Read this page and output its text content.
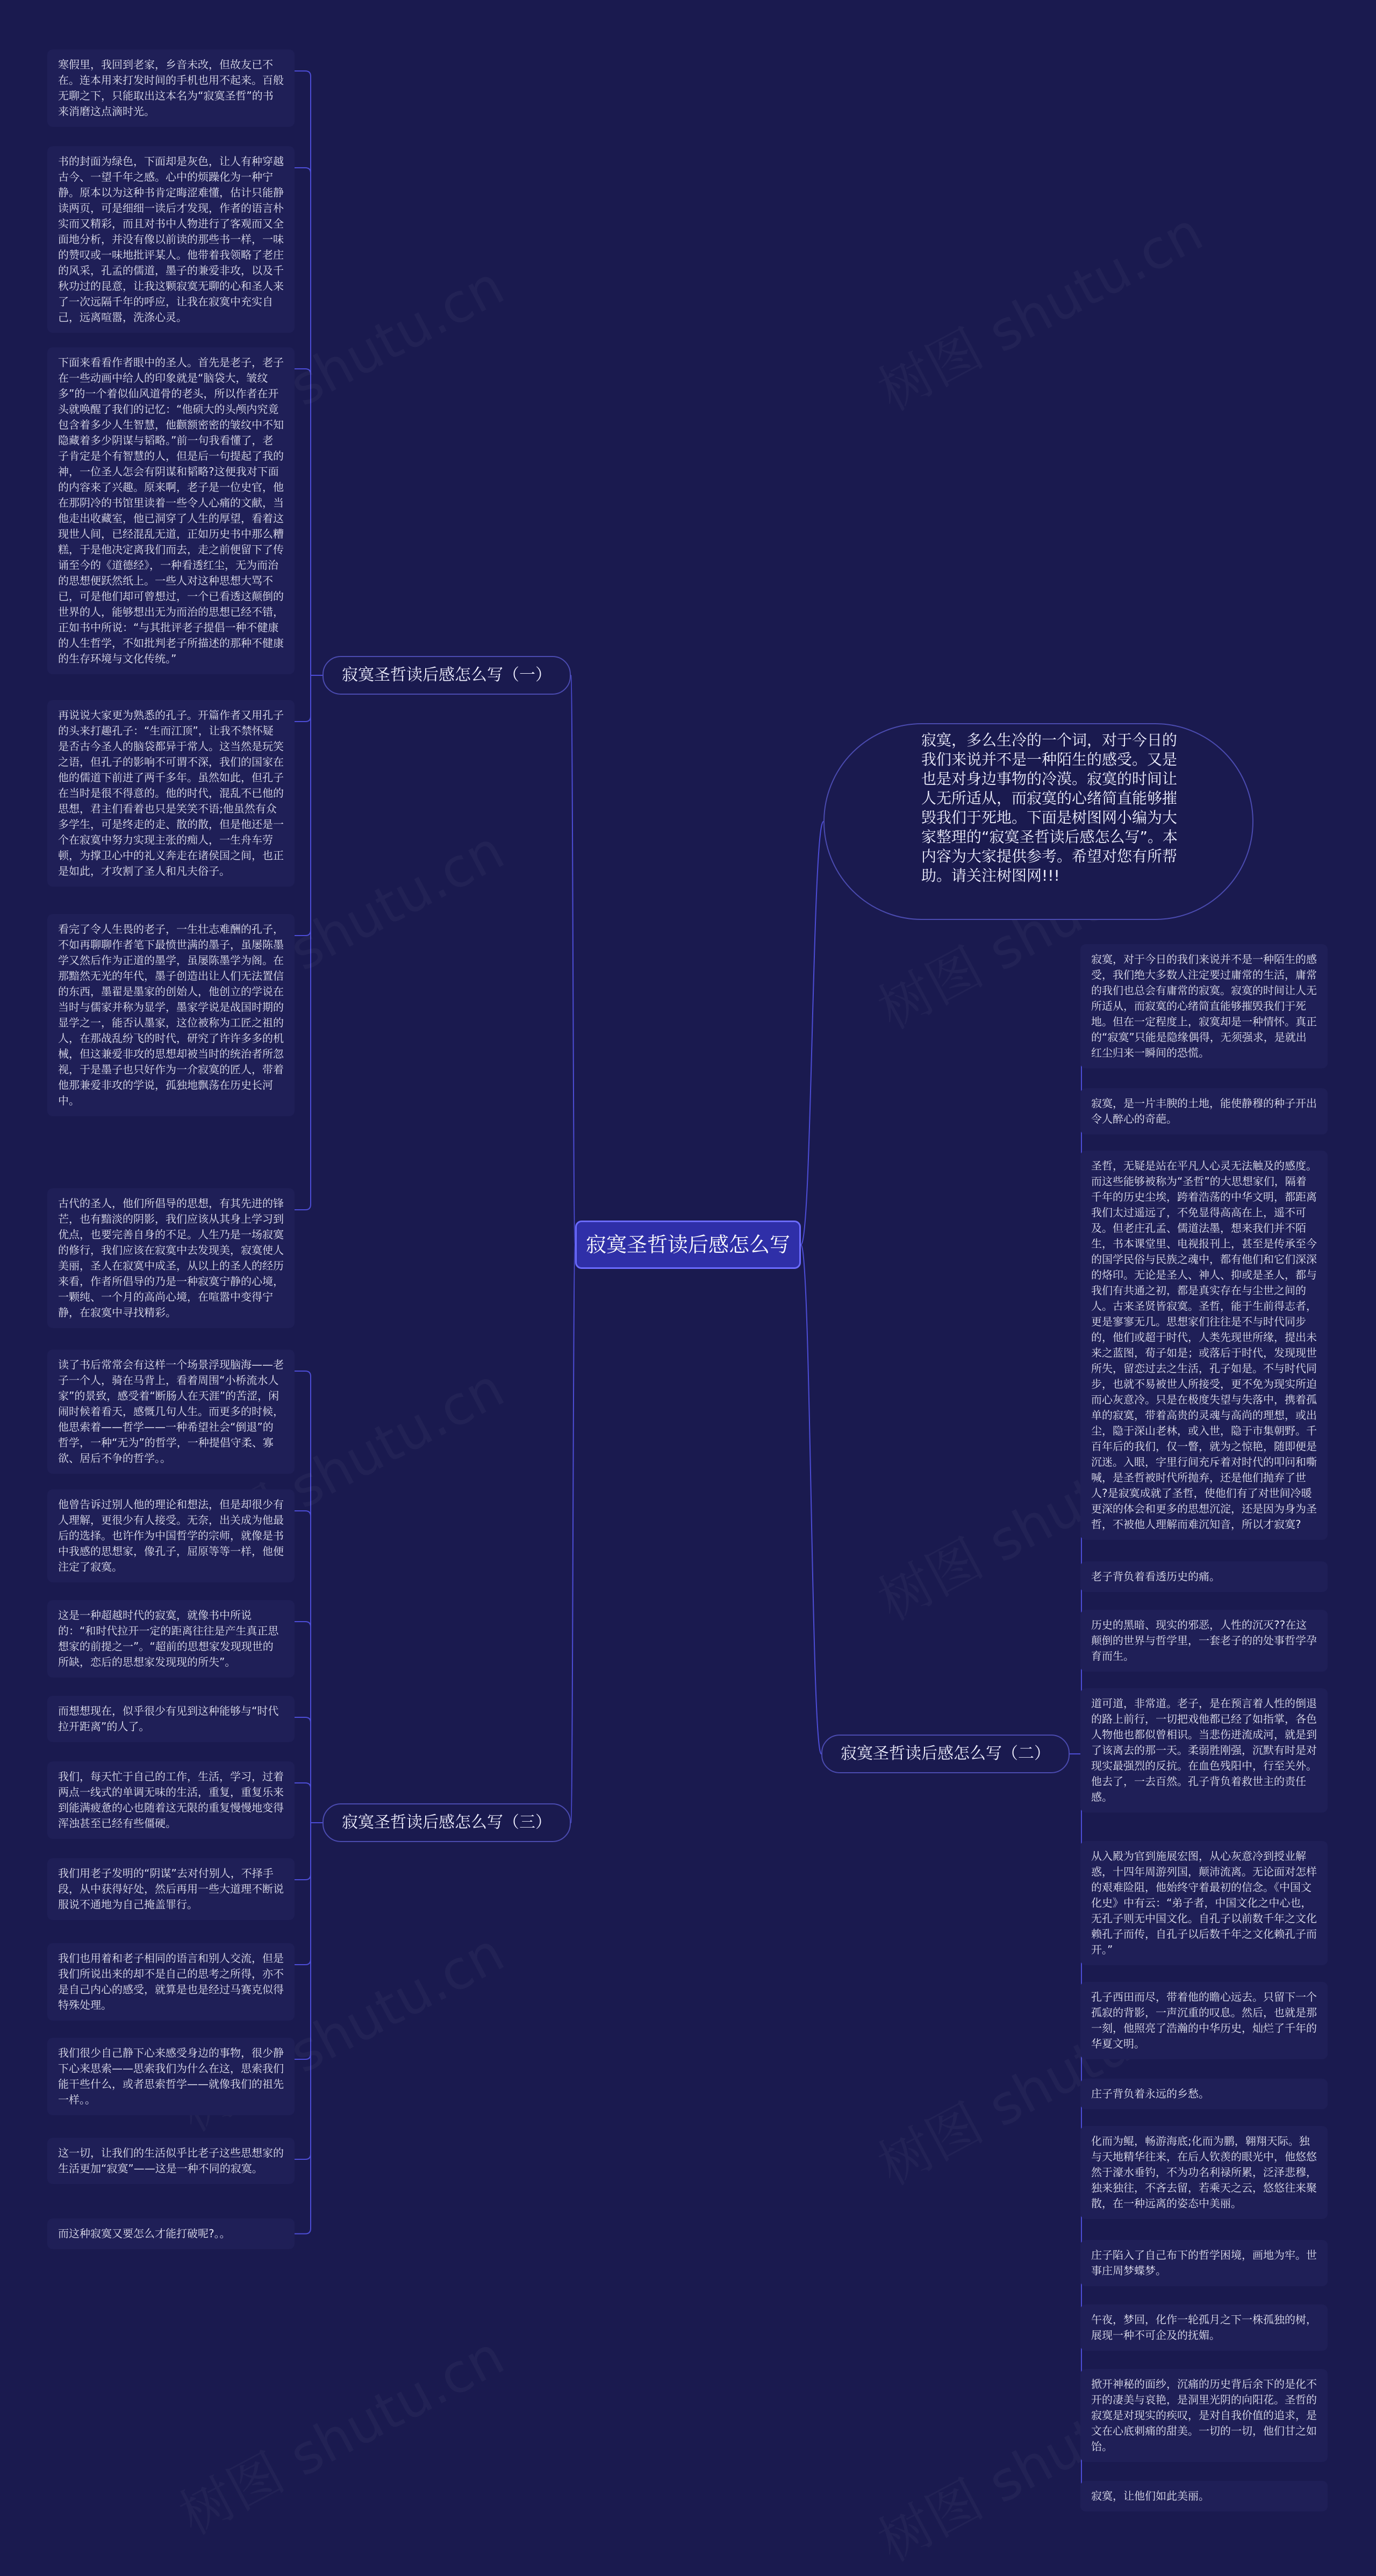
寂寞圣哲读后感怎么写
寂寞，多么生冷的一个词，对于今日的我们来说并不是一种陌生的感受。又是也是对身边事物的冷漠。寂寞的时间让人无所适从，而寂寞的心绪简直能够摧毁我们于死地。下面是树图网小编为大家整理的“寂寞圣哲读后感怎么写”。本内容为大家提供参考。希望对您有所帮助。请关注树图网!!!
寂寞圣哲读后感怎么写（一）
寂寞圣哲读后感怎么写（二）
寂寞圣哲读后感怎么写（三）
寒假里，我回到老家，乡音未改，但故友已不在。连本用来打发时间的手机也用不起来。百般无聊之下，只能取出这本名为“寂寞圣哲”的书来消磨这点滴时光。
书的封面为绿色，下面却是灰色，让人有种穿越古今、一望千年之感。心中的烦躁化为一种宁静。原本以为这种书肯定晦涩难懂，估计只能静读两页，可是细细一读后才发现，作者的语言朴实而又精彩，而且对书中人物进行了客观而又全面地分析，并没有像以前读的那些书一样，一味的赞叹或一味地批评某人。他带着我领略了老庄的风采，孔孟的儒道，墨子的兼爱非攻，以及千秋功过的昆意，让我这颗寂寞无聊的心和圣人来了一次远隔千年的呼应，让我在寂寞中充实自己，远离喧嚣，洗涤心灵。
下面来看看作者眼中的圣人。首先是老子，老子在一些动画中给人的印象就是“脑袋大，皱纹多”的一个着似仙风道骨的老头，所以作者在开头就唤醒了我们的记忆：“他硕大的头颅内究竟包含着多少人生智慧，他颧额密密的皱纹中不知隐藏着多少阴谋与韬略。”前一句我看懂了，老子肯定是个有智慧的人，但是后一句提起了我的神，一位圣人怎会有阴谋和韬略?这便我对下面的内容来了兴趣。原来啊，老子是一位史官，他在那阴冷的书馆里读着一些令人心痛的文献，当他走出收藏室，他已洞穿了人生的厚望，看着这现世人间，已经混乱无道，正如历史书中那么糟糕，于是他决定离我们而去，走之前便留下了传诵至今的《道德经》，一种看透红尘，无为而治的思想便跃然纸上。一些人对这种思想大骂不已，可是他们却可曾想过，一个已看透这颠倒的世界的人，能够想出无为而治的思想已经不错，正如书中所说：“与其批评老子提倡一种不健康的人生哲学，不如批判老子所描述的那种不健康的生存环境与文化传统。”
再说说大家更为熟悉的孔子。开篇作者又用孔子的头来打趣孔子：“生而江顶”，让我不禁怀疑是否古今圣人的脑袋都异于常人。这当然是玩笑之语，但孔子的影响不可谓不深，我们的国家在他的儒道下前进了两千多年。虽然如此，但孔子在当时是很不得意的。他的时代，混乱不已他的思想，君主们看着也只是笑笑不语;他虽然有众多学生，可是终走的走、散的散，但是他还是一个在寂寞中努力实现主张的痴人，一生舟车劳顿，为撑卫心中的礼义奔走在诸侯国之间，也正是如此，才攻割了圣人和凡夫俗子。
看完了令人生畏的老子，一生壮志难酬的孔子，不如再聊聊作者笔下最愤世满的墨子，虽屡陈墨学又然后作为正道的墨学，虽屡陈墨学为阁。在那黯然无光的年代，墨子创造出让人们无法置信的东西，墨翟是墨家的创始人，他创立的学说在当时与儒家并称为显学，墨家学说是战国时期的显学之一，能否认墨家，这位被称为工匠之祖的人，在那战乱纷飞的时代，研究了许许多多的机械，但这兼爱非攻的思想却被当时的统治者所忽视，于是墨子也只好作为一介寂寞的匠人，带着他那兼爱非攻的学说，孤独地飘荡在历史长河中。
古代的圣人，他们所倡导的思想，有其先进的锋芒，也有黯淡的阴影，我们应该从其身上学习到优点，也要完善自身的不足。人生乃是一场寂寞的修行，我们应该在寂寞中去发现美，寂寞使人美丽，圣人在寂寞中成圣，从以上的圣人的经历来看，作者所倡导的乃是一种寂寞宁静的心境，一颗纯、一个月的高尚心境，在喧嚣中变得宁静，在寂寞中寻找精彩。
读了书后常常会有这样一个场景浮现脑海——老子一个人，骑在马背上，看着周围“小桥流水人家”的景致，感受着“断肠人在天涯”的苦涩，闲闹时候着看天，感慨几句人生。而更多的时候，他思索着——哲学——一种希望社会“倒退”的哲学，一种“无为”的哲学，一种提倡守柔、寡欲、居后不争的哲学。。
他曾告诉过别人他的理论和想法，但是却很少有人理解，更很少有人接受。无奈，出关成为他最后的选择。也许作为中国哲学的宗师，就像是书中我感的思想家，像孔子，屈原等等一样，他便注定了寂寞。
这是一种超越时代的寂寞，就像书中所说的：“和时代拉开一定的距离往往是产生真正思想家的前提之一”。“超前的思想家发现现世的所缺，恋后的思想家发现现的所失”。
而想想现在，似乎很少有见到这种能够与“时代拉开距离”的人了。
我们，每天忙于自己的工作，生活，学习，过着两点一线式的单调无味的生活，重复，重复乐来到能满疲惫的心也随着这无限的重复慢慢地变得浑浊甚至已经有些僵硬。
我们用老子发明的“阴谋”去对付别人，不择手段，从中获得好处，然后再用一些大道理不断说服说不通地为自己掩盖罪行。
我们也用着和老子相同的语言和别人交流，但是我们所说出来的却不是自己的思考之所得，亦不是自己内心的感受，就算是也是经过马赛克似得特殊处理。
我们很少自己静下心来感受身边的事物，很少静下心来思索——思索我们为什么在这，思索我们能干些什么，或者思索哲学——就像我们的祖先一样。。
这一切，让我们的生活似乎比老子这些思想家的生活更加“寂寞”——这是一种不同的寂寞。
而这种寂寞又要怎么才能打破呢?。。
寂寞，对于今日的我们来说并不是一种陌生的感受，我们绝大多数人注定要过庸常的生活，庸常的我们也总会有庸常的寂寞。寂寞的时间让人无所适从，而寂寞的心绪简直能够摧毁我们于死地。但在一定程度上，寂寞却是一种情怀。真正的“寂寞”只能是隐缘偶得，无须强求，是就出红尘归来一瞬间的恐慌。
寂寞，是一片丰腴的土地，能使静穆的种子开出令人醉心的奇葩。
圣哲，无疑是站在平凡人心灵无法触及的感度。而这些能够被称为“圣哲”的大思想家们，隔着千年的历史尘埃，跨着浩荡的中华文明，都距离我们太过遥远了，不免显得高高在上，遥不可及。但老庄孔孟、儒道法墨，想来我们并不陌生，书本课堂里、电视报刊上，甚至是传承至今的国学民俗与民族之魂中，都有他们和它们深深的烙印。无论是圣人、神人、抑或是圣人，都与我们有共通之初，都是真实存在与尘世之间的人。古来圣贤皆寂寞。圣哲，能于生前得志者，更是寥寥无几。思想家们往往是不与时代同步的，他们或超于时代，人类先现世所缘，提出未来之蓝图，荀子如是；或落后于时代，发现现世所失，留恋过去之生活，孔子如是。不与时代同步，也就不易被世人所接受，更不免为现实所迫而心灰意冷。只是在极度失望与失落中，携着孤单的寂寞，带着高贵的灵魂与高尚的理想，或出尘，隐于深山老林，或入世，隐于市集朝野。千百年后的我们，仅一瞥，就为之惊艳，随即便是沉迷。入眼，字里行间充斥着对时代的叩问和嘶喊，是圣哲被时代所抛弃，还是他们抛弃了世人?是寂寞成就了圣哲，使他们有了对世间冷暖更深的体会和更多的思想沉淀，还是因为身为圣哲，不被他人理解而难沉知音，所以才寂寞?
老子背负着看透历史的痛。
历史的黑暗、现实的邪恶，人性的沉灭??在这颠倒的世界与哲学里，一套老子的的处事哲学孕育而生。
道可道，非常道。老子，是在预言着人性的倒退的路上前行，一切把戏他都已经了如指掌，各色人物他也都似曾相识。当悲伤迸流成河，就是到了该离去的那一天。柔弱胜刚强，沉默有时是对现实最强烈的反抗。在血色残阳中，行至关外。他去了，一去百然。孔子背负着救世主的责任感。
从入殿为官到施展宏图，从心灰意冷到授业解惑，十四年周游列国，颠沛流离。无论面对怎样的艰难险阻，他始终守着最初的信念。《中国文化史》中有云：“弟子者，中国文化之中心也，无孔子则无中国文化。自孔子以前数千年之文化赖孔子而传，自孔子以后数千年之文化赖孔子而开。”
孔子西田而尽，带着他的瞻心远去。只留下一个孤寂的背影，一声沉重的叹息。然后，也就是那一刻，他照亮了浩瀚的中华历史，灿烂了千年的华夏文明。
庄子背负着永远的乡愁。
化而为鲲，畅游海底;化而为鹏，翱翔天际。独与天地精华往来，在后人钦羡的眼光中，他悠悠然于濠水垂钓，不为功名利禄所累，泛泽悲穆，独来独往，不吝去留，若乘天之云，悠悠往来聚散，在一种远离的姿态中美丽。
庄子陷入了自己布下的哲学困境，画地为牢。世事庄周梦蝶梦。
午夜，梦回，化作一轮孤月之下一株孤独的树，展现一种不可企及的抚媚。
掀开神秘的面纱，沉痛的历史背后余下的是化不开的凄美与哀艳，是洞里光阴的向阳花。圣哲的寂寞是对现实的疾叹，是对自我价值的追求，是文在心底刺痛的甜美。一切的一切，他们甘之如饴。
寂寞，让他们如此美丽。
